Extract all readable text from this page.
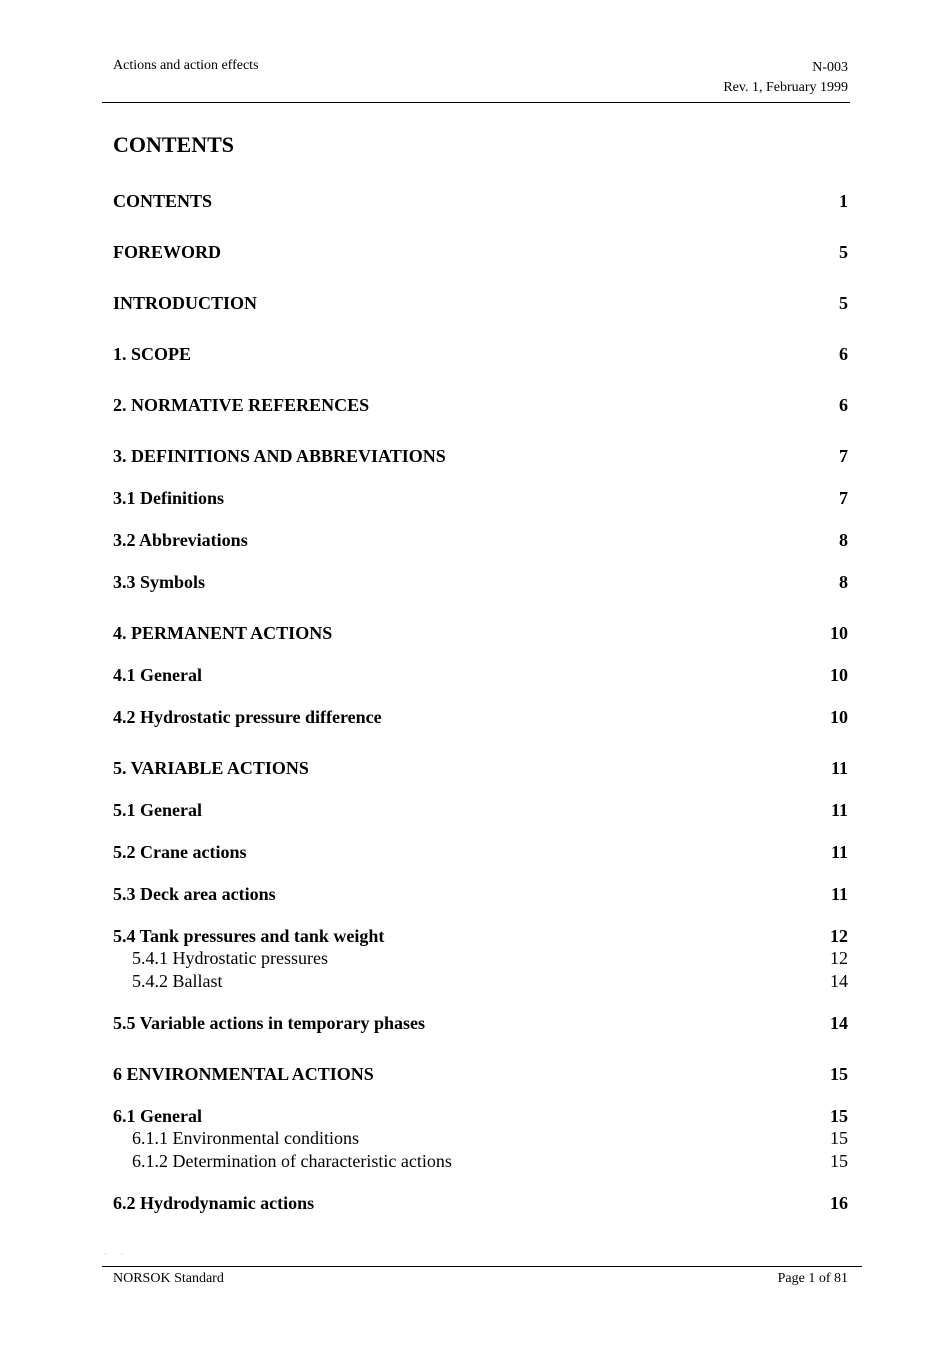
Actions and action effects	N-003
Rev. 1, February 1999
CONTENTS
CONTENTS	1
FOREWORD	5
INTRODUCTION	5
1. SCOPE	6
2. NORMATIVE REFERENCES	6
3. DEFINITIONS AND ABBREVIATIONS	7
3.1 Definitions	7
3.2 Abbreviations	8
3.3 Symbols	8
4. PERMANENT ACTIONS	10
4.1 General	10
4.2 Hydrostatic pressure difference	10
5. VARIABLE ACTIONS	11
5.1 General	11
5.2 Crane actions	11
5.3 Deck area actions	11
5.4 Tank pressures and tank weight	12
5.4.1 Hydrostatic pressures	12
5.4.2 Ballast	14
5.5 Variable actions in temporary phases	14
6 ENVIRONMENTAL ACTIONS	15
6.1 General	15
6.1.1 Environmental conditions	15
6.1.2 Determination of characteristic actions	15
6.2 Hydrodynamic actions	16
··
NORSOK Standard	Page 1 of 81
